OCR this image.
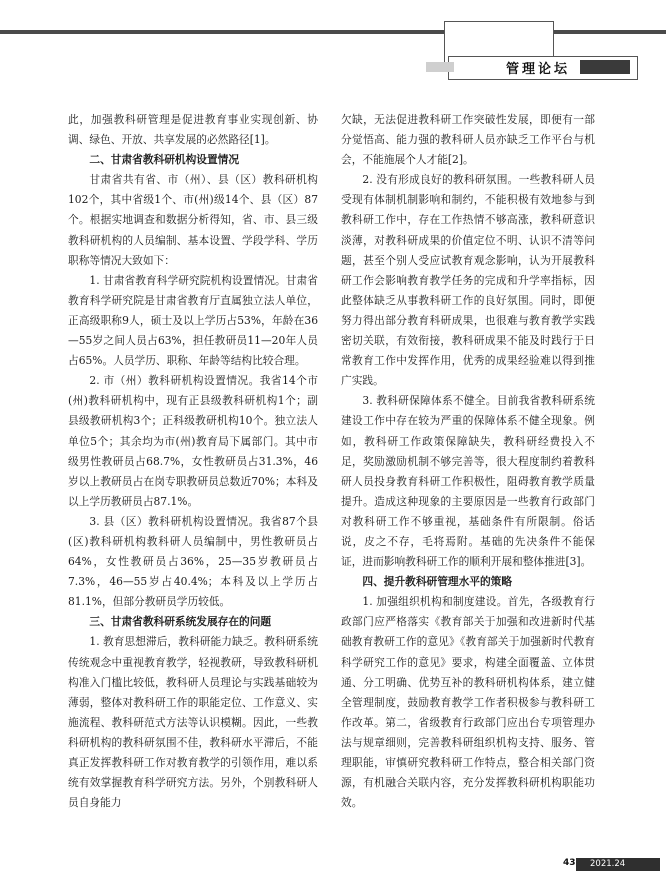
管理论坛

此，加强教科研管理是促进教育事业实现创新、协调、绿色、开放、共享发展的必然路径[1]。

二、甘肃省教科研机构设置情况

甘肃省共有省、市（州）、县（区）教科研机构102个，其中省级1个、市(州)级14个、县（区）87个。根据实地调查和数据分析得知，省、市、县三级教科研机构的人员编制、基本设置、学段学科、学历职称等情况大致如下：

1. 甘肃省教育科学研究院机构设置情况。甘肃省教育科学研究院是甘肃省教育厅直属独立法人单位，正高级职称9人，硕士及以上学历占53%，年龄在36—55岁之间人员占63%，担任教研员11—20年人员占65%。人员学历、职称、年龄等结构比较合理。

2. 市（州）教科研机构设置情况。我省14个市(州)教科研机构中，现有正县级教科研机构1个；副县级教研机构3个；正科级教研机构10个。独立法人单位5个；其余均为市(州)教育局下属部门。其中市级男性教研员占68.7%，女性教研员占31.3%，46岁以上教研员占在岗专职教研员总数近70%；本科及以上学历教研员占87.1%。

3. 县（区）教科研机构设置情况。我省87个县(区)教科研机构教科研人员编制中，男性教研员占64%，女性教研员占36%，25—35岁教研员占7.3%，46—55岁占40.4%；本科及以上学历占81.1%，但部分教研员学历较低。

三、甘肃省教科研系统发展存在的问题

1. 教育思想滞后，教科研能力缺乏。教科研系统传统观念中重视教育教学，轻视教研，导致教科研机构准入门槛比较低，教科研人员理论与实践基础较为薄弱，整体对教科研工作的职能定位、工作意义、实施流程、教科研范式方法等认识模糊。因此，一些教科研机构的教科研氛围不佳，教科研水平滞后，不能真正发挥教科研工作对教育教学的引领作用，难以系统有效掌握教育科学研究方法。另外，个别教科研人员自身能力

欠缺，无法促进教科研工作突破性发展，即便有一部分觉悟高、能力强的教科研人员亦缺乏工作平台与机会，不能施展个人才能[2]。

2. 没有形成良好的教科研氛围。一些教科研人员受现有体制机制影响和制约，不能积极有效地参与到教科研工作中，存在工作热情不够高涨，教科研意识淡薄，对教科研成果的价值定位不明、认识不清等问题，甚至个别人受应试教育观念影响，认为开展教科研工作会影响教育教学任务的完成和升学率指标，因此整体缺乏从事教科研工作的良好氛围。同时，即便努力得出部分教育科研成果，也很难与教育教学实践密切关联，有效衔接，教科研成果不能及时践行于日常教育工作中发挥作用，优秀的成果经验难以得到推广实践。

3. 教科研保障体系不健全。目前我省教科研系统建设工作中存在较为严重的保障体系不健全现象。例如，教科研工作政策保障缺失，教科研经费投入不足，奖励激励机制不够完善等，很大程度制约着教科研人员投身教育科研工作积极性，阻碍教育教学质量提升。造成这种现象的主要原因是一些教育行政部门对教科研工作不够重视，基础条件有所限制。俗话说，皮之不存，毛将焉附。基础的先决条件不能保证，进而影响教科研工作的顺利开展和整体推进[3]。

四、提升教科研管理水平的策略

1. 加强组织机构和制度建设。首先，各级教育行政部门应严格落实《教育部关于加强和改进新时代基础教育教研工作的意见》《教育部关于加强新时代教育科学研究工作的意见》要求，构建全面覆盖、立体贯通、分工明确、优势互补的教科研机构体系，建立健全管理制度，鼓励教育教学工作者积极参与教科研工作改革。第二，省级教育行政部门应出台专项管理办法与规章细则，完善教科研组织机构支持、服务、管理职能，审慎研究教科研工作特点，整合相关部门资源，有机融合关联内容，充分发挥教科研机构职能功效。

43	2021.24
